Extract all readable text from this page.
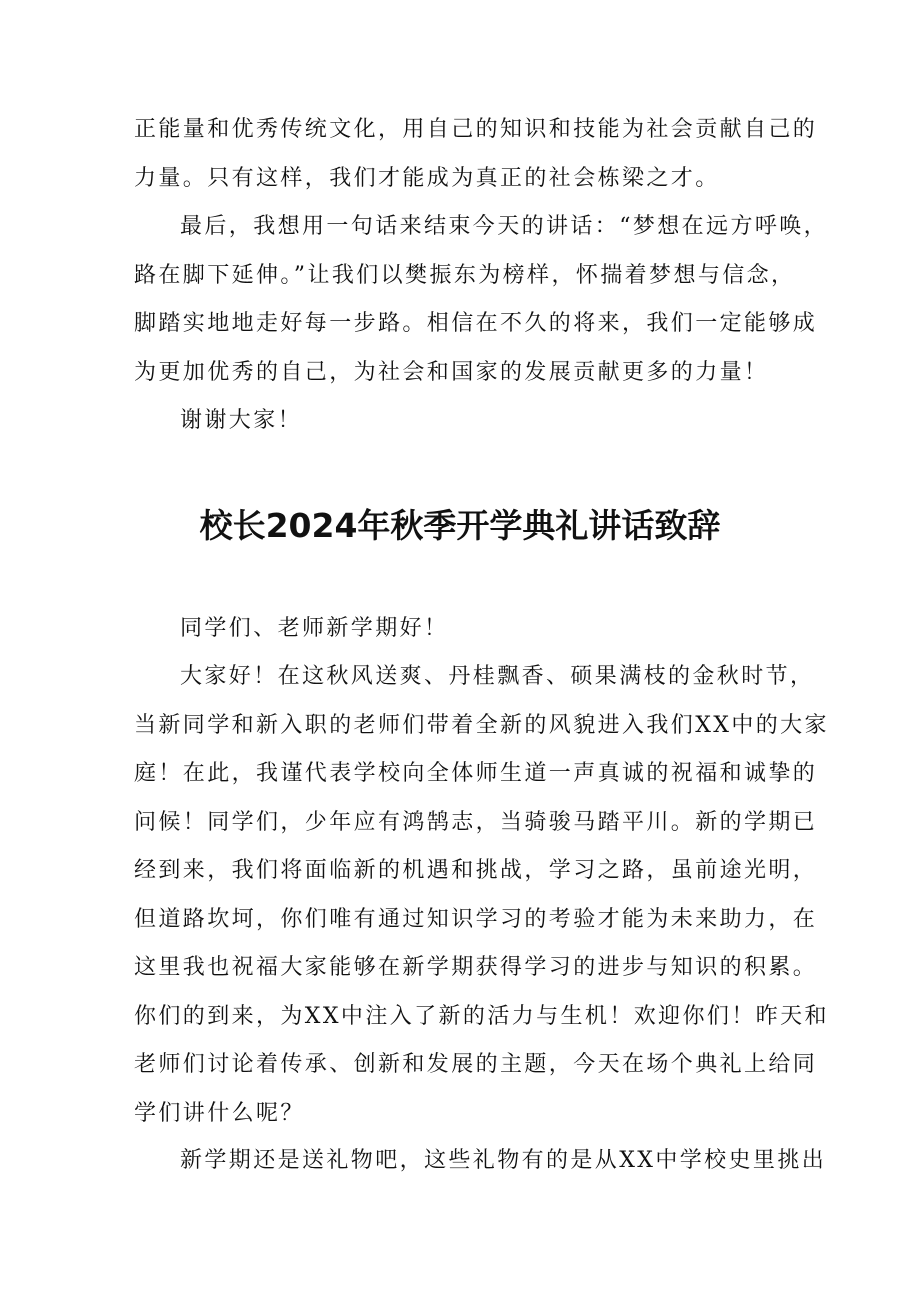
正能量和优秀传统文化，用自己的知识和技能为社会贡献自己的
力量。只有这样，我们才能成为真正的社会栋梁之才。
最后，我想用一句话来结束今天的讲话：“梦想在远方呼唤，
路在脚下延伸。”让我们以樊振东为榜样，怀揣着梦想与信念，
脚踏实地地走好每一步路。相信在不久的将来，我们一定能够成
为更加优秀的自己，为社会和国家的发展贡献更多的力量！
谢谢大家！
校长2024年秋季开学典礼讲话致辞
同学们、老师新学期好！
大家好！在这秋风送爽、丹桂飘香、硕果满枝的金秋时节，
当新同学和新入职的老师们带着全新的风貌进入我们XX中的大家
庭！在此，我谨代表学校向全体师生道一声真诚的祝福和诚挚的
问候！同学们，少年应有鸿鹄志，当骑骏马踏平川。新的学期已
经到来，我们将面临新的机遇和挑战，学习之路，虽前途光明，
但道路坎坷，你们唯有通过知识学习的考验才能为未来助力，在
这里我也祝福大家能够在新学期获得学习的进步与知识的积累。
你们的到来，为XX中注入了新的活力与生机！欢迎你们！昨天和
老师们讨论着传承、创新和发展的主题，今天在场个典礼上给同
学们讲什么呢？
新学期还是送礼物吧，这些礼物有的是从XX中学校史里挑出
